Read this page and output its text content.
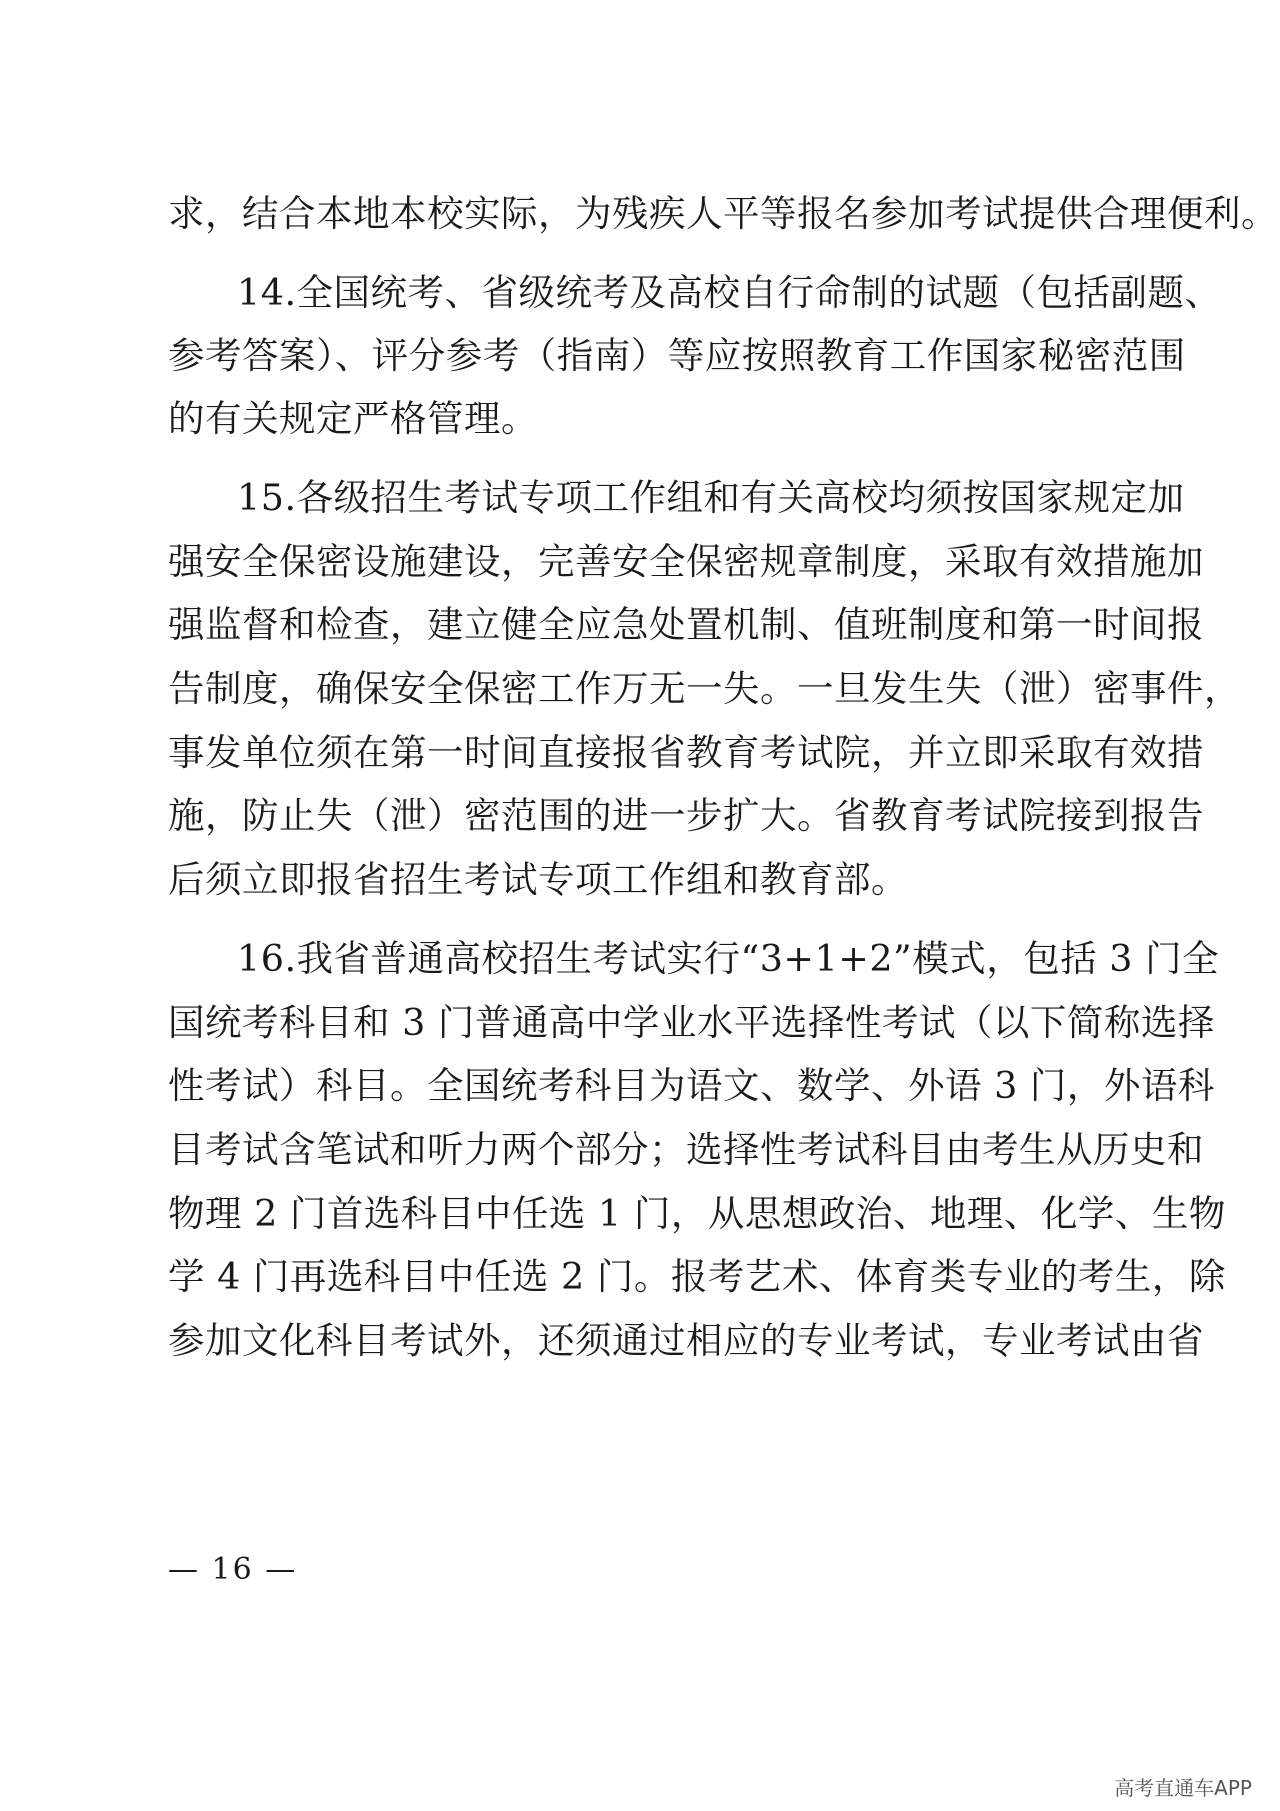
求，结合本地本校实际，为残疾人平等报名参加考试提供合理便利。
14.全国统考、省级统考及高校自行命制的试题（包括副题、
参考答案）、评分参考（指南）等应按照教育工作国家秘密范围
的有关规定严格管理。
15.各级招生考试专项工作组和有关高校均须按国家规定加
强安全保密设施建设，完善安全保密规章制度，采取有效措施加
强监督和检查，建立健全应急处置机制、值班制度和第一时间报
告制度，确保安全保密工作万无一失。一旦发生失（泄）密事件，
事发单位须在第一时间直接报省教育考试院，并立即采取有效措
施，防止失（泄）密范围的进一步扩大。省教育考试院接到报告
后须立即报省招生考试专项工作组和教育部。
16.我省普通高校招生考试实行“3+1+2”模式，包括 3 门全
国统考科目和 3 门普通高中学业水平选择性考试（以下简称选择
性考试）科目。全国统考科目为语文、数学、外语 3 门，外语科
目考试含笔试和听力两个部分；选择性考试科目由考生从历史和
物理 2 门首选科目中任选 1 门，从思想政治、地理、化学、生物
学 4 门再选科目中任选 2 门。报考艺术、体育类专业的考生，除
参加文化科目考试外，还须通过相应的专业考试，专业考试由省
— 16 —
高考直通车APP
